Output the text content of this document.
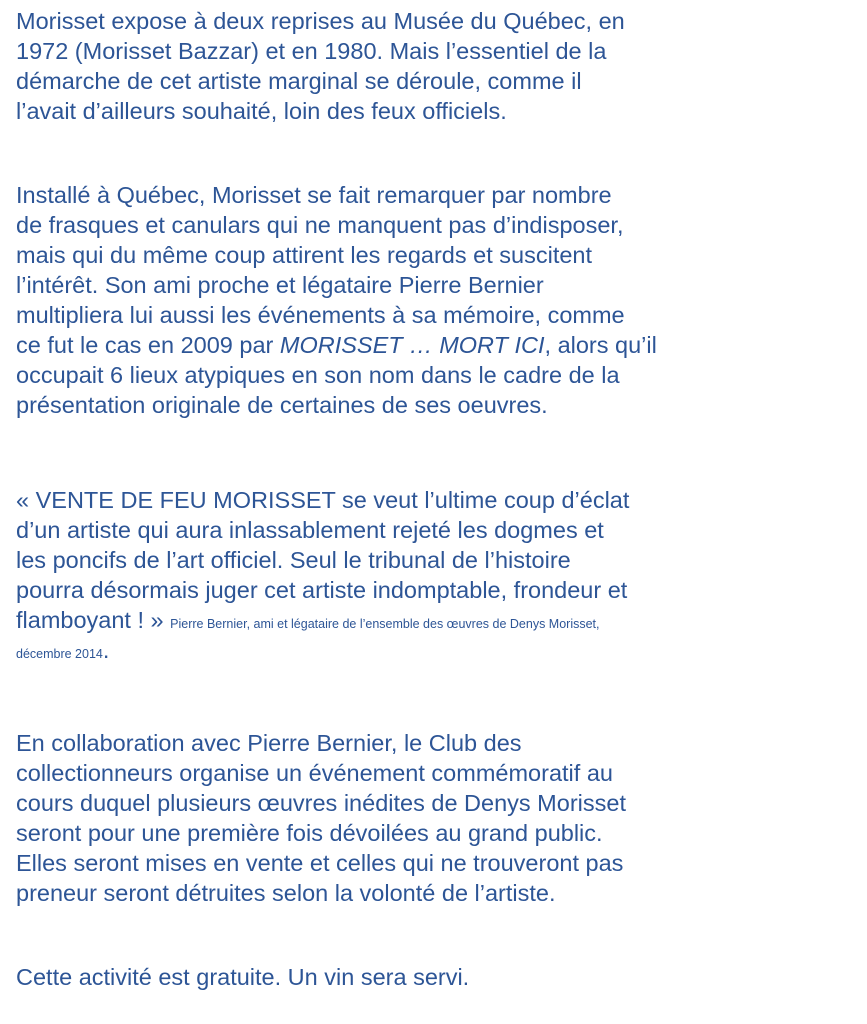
Morisset expose à deux reprises au Musée du Québec, en
1972 (Morisset Bazzar) et en 1980. Mais l’essentiel de la
démarche de cet artiste marginal se déroule, comme il
l’avait d’ailleurs souhaité, loin des feux officiels.

Installé à Québec, Morisset se fait remarquer par nombre
de frasques et canulars qui ne manquent pas d’indisposer,
mais qui du même coup attirent les regards et suscitent
l’intérêt. Son ami proche et légataire Pierre Bernier
multipliera lui aussi les événements à sa mémoire, comme
ce fut le cas en 2009 par MORISSET … MORT ICI, alors qu’il
occupait 6 lieux atypiques en son nom dans le cadre de la
présentation originale de certaines de ses oeuvres.

« VENTE DE FEU MORISSET se veut l’ultime coup d’éclat
d’un artiste qui aura inlassablement rejeté les dogmes et
les poncifs de l’art officiel. Seul le tribunal de l’histoire
pourra désormais juger cet artiste indomptable, frondeur et
flamboyant ! » Pierre Bernier, ami et légataire de l’ensemble des œuvres de Denys Morisset,
décembre 2014.

En collaboration avec Pierre Bernier, le Club des
collectionneurs organise un événement commémoratif au
cours duquel plusieurs œuvres inédites de Denys Morisset
seront pour une première fois dévoilées au grand public.
Elles seront mises en vente et celles qui ne trouveront pas
preneur seront détruites selon la volonté de l’artiste.

Cette activité est gratuite. Un vin sera servi.
